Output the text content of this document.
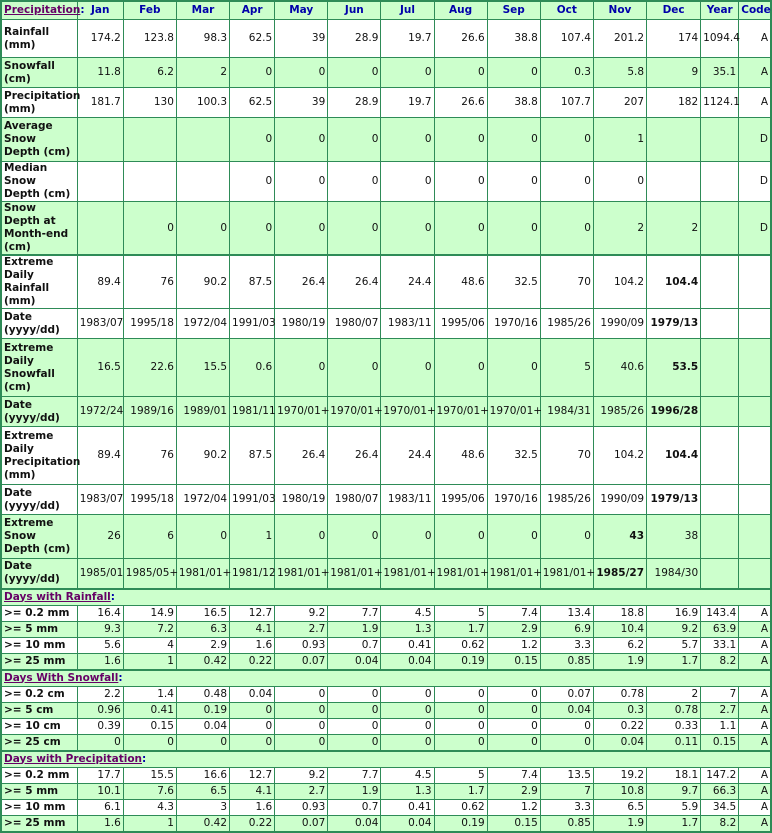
Precipitation:	Jan	Feb	Mar	Apr	May	Jun	Jul	Aug	Sep	Oct	Nov	Dec	Year	Code
Rainfall (mm)	174.2	123.8	98.3	62.5	39	28.9	19.7	26.6	38.8	107.4	201.2	174	1094.4	A
Snowfall (cm)	11.8	6.2	2	0	0	0	0	0	0	0.3	5.8	9	35.1	A
Precipitation (mm)	181.7	130	100.3	62.5	39	28.9	19.7	26.6	38.8	107.7	207	182	1124.1	A
Average Snow Depth (cm)				0	0	0	0	0	0	0	1			D
Median Snow Depth (cm)				0	0	0	0	0	0	0	0			D
Snow Depth at Month-end (cm)		0	0	0	0	0	0	0	0	0	2	2		D
Extreme Daily Rainfall (mm)	89.4	76	90.2	87.5	26.4	26.4	24.4	48.6	32.5	70	104.2	104.4		
Date (yyyy/dd)	1983/07	1995/18	1972/04	1991/03	1980/19	1980/07	1983/11	1995/06	1970/16	1985/26	1990/09	1979/13		
Extreme Daily Snowfall (cm)	16.5	22.6	15.5	0.6	0	0	0	0	0	5	40.6	53.5		
Date (yyyy/dd)	1972/24	1989/16	1989/01	1981/11	1970/01+	1970/01+	1970/01+	1970/01+	1970/01+	1984/31	1985/26	1996/28		
Extreme Daily Precipitation (mm)	89.4	76	90.2	87.5	26.4	26.4	24.4	48.6	32.5	70	104.2	104.4		
Date (yyyy/dd)	1983/07	1995/18	1972/04	1991/03	1980/19	1980/07	1983/11	1995/06	1970/16	1985/26	1990/09	1979/13		
Extreme Snow Depth (cm)	26	6	0	1	0	0	0	0	0	0	43	38		
Date (yyyy/dd)	1985/01	1985/05+	1981/01+	1981/12	1981/01+	1981/01+	1981/01+	1981/01+	1981/01+	1981/01+	1985/27	1984/30		
Days with Rainfall:														
>= 0.2 mm	16.4	14.9	16.5	12.7	9.2	7.7	4.5	5	7.4	13.4	18.8	16.9	143.4	A
>= 5 mm	9.3	7.2	6.3	4.1	2.7	1.9	1.3	1.7	2.9	6.9	10.4	9.2	63.9	A
>= 10 mm	5.6	4	2.9	1.6	0.93	0.7	0.41	0.62	1.2	3.3	6.2	5.7	33.1	A
>= 25 mm	1.6	1	0.42	0.22	0.07	0.04	0.04	0.19	0.15	0.85	1.9	1.7	8.2	A
Days With Snowfall:														
>= 0.2 cm	2.2	1.4	0.48	0.04	0	0	0	0	0	0.07	0.78	2	7	A
>= 5 cm	0.96	0.41	0.19	0	0	0	0	0	0	0.04	0.3	0.78	2.7	A
>= 10 cm	0.39	0.15	0.04	0	0	0	0	0	0	0	0.22	0.33	1.1	A
>= 25 cm	0	0	0	0	0	0	0	0	0	0	0.04	0.11	0.15	A
Days with Precipitation:														
>= 0.2 mm	17.7	15.5	16.6	12.7	9.2	7.7	4.5	5	7.4	13.5	19.2	18.1	147.2	A
>= 5 mm	10.1	7.6	6.5	4.1	2.7	1.9	1.3	1.7	2.9	7	10.8	9.7	66.3	A
>= 10 mm	6.1	4.3	3	1.6	0.93	0.7	0.41	0.62	1.2	3.3	6.5	5.9	34.5	A
>= 25 mm	1.6	1	0.42	0.22	0.07	0.04	0.04	0.19	0.15	0.85	1.9	1.7	8.2	A
